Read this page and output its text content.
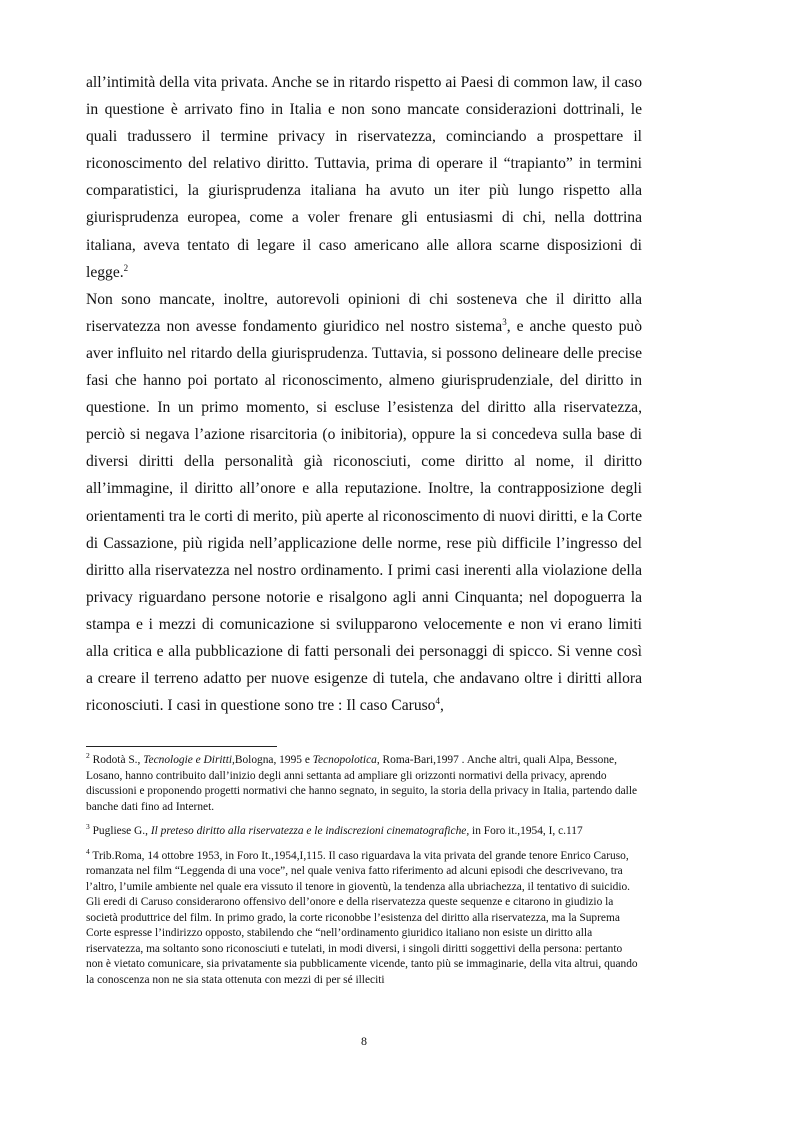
all’intimità della vita privata. Anche se in ritardo rispetto ai Paesi di common law, il caso in questione è arrivato fino in Italia e non sono mancate considerazioni dottrinali, le quali tradussero il termine privacy in riservatezza, cominciando a prospettare il riconoscimento del relativo diritto. Tuttavia, prima di operare il “trapianto” in termini comparatistici, la giurisprudenza italiana ha avuto un iter più lungo rispetto alla giurisprudenza europea, come a voler frenare gli entusiasmi di chi, nella dottrina italiana, aveva tentato di legare il caso americano alle allora scarne disposizioni di legge.$^2$

Non sono mancate, inoltre, autorevoli opinioni di chi sosteneva che il diritto alla riservatezza non avesse fondamento giuridico nel nostro sistema$^3$, e anche questo può aver influito nel ritardo della giurisprudenza. Tuttavia, si possono delineare delle precise fasi che hanno poi portato al riconoscimento, almeno giurisprudenziale, del diritto in questione. In un primo momento, si escluse l’esistenza del diritto alla riservatezza, perciò si negava l’azione risarcitoria (o inibitoria), oppure la si concedeva sulla base di diversi diritti della personalità già riconosciuti, come diritto al nome, il diritto all’immagine, il diritto all’onore e alla reputazione. Inoltre, la contrapposizione degli orientamenti tra le corti di merito, più aperte al riconoscimento di nuovi diritti, e la Corte di Cassazione, più rigida nell’applicazione delle norme, rese più difficile l’ingresso del diritto alla riservatezza nel nostro ordinamento. I primi casi inerenti alla violazione della privacy riguardano persone notorie e risalgono agli anni Cinquanta; nel dopoguerra la stampa e i mezzi di comunicazione si svilupparono velocemente e non vi erano limiti alla critica e alla pubblicazione di fatti personali dei personaggi di spicco. Si venne così a creare il terreno adatto per nuove esigenze di tutela, che andavano oltre i diritti allora riconosciuti. I casi in questione sono tre : Il caso Caruso$^4$,

$^2$ Rodotà S., Tecnologie e Diritti,Bologna, 1995 e Tecnopolotica, Roma-Bari,1997 . Anche altri, quali Alpa, Bessone, Losano, hanno contribuito dall’inizio degli anni settanta ad ampliare gli orizzonti normativi della privacy, aprendo discussioni e proponendo progetti normativi che hanno segnato, in seguito, la storia della privacy in Italia, partendo dalle banche dati fino ad Internet.

$^3$ Pugliese G., Il preteso diritto alla riservatezza e le indiscrezioni cinematografiche, in Foro it.,1954, I, c.117

$^4$ Trib.Roma, 14 ottobre 1953, in Foro It.,1954,I,115. Il caso riguardava la vita privata del grande tenore Enrico Caruso, romanzata nel film “Leggenda di una voce”, nel quale veniva fatto riferimento ad alcuni episodi che descrivevano, tra l’altro, l’umile ambiente nel quale era vissuto il tenore in gioventù, la tendenza alla ubriachezza, il tentativo di suicidio. Gli eredi di Caruso considerarono offensivo dell’onore e della riservatezza queste sequenze e citarono in giudizio la società produttrice del film. In primo grado, la corte riconobbe l’esistenza del diritto alla riservatezza, ma la Suprema Corte espresse l’indirizzo opposto, stabilendo che “nell’ordinamento giuridico italiano non esiste un diritto alla riservatezza, ma soltanto sono riconosciuti e tutelati, in modi diversi, i singoli diritti soggettivi della persona: pertanto non è vietato comunicare, sia privatamente sia pubblicamente vicende, tanto più se immaginarie, della vita altrui, quando la conoscenza non ne sia stata ottenuta con mezzi di per sé illeciti

8
